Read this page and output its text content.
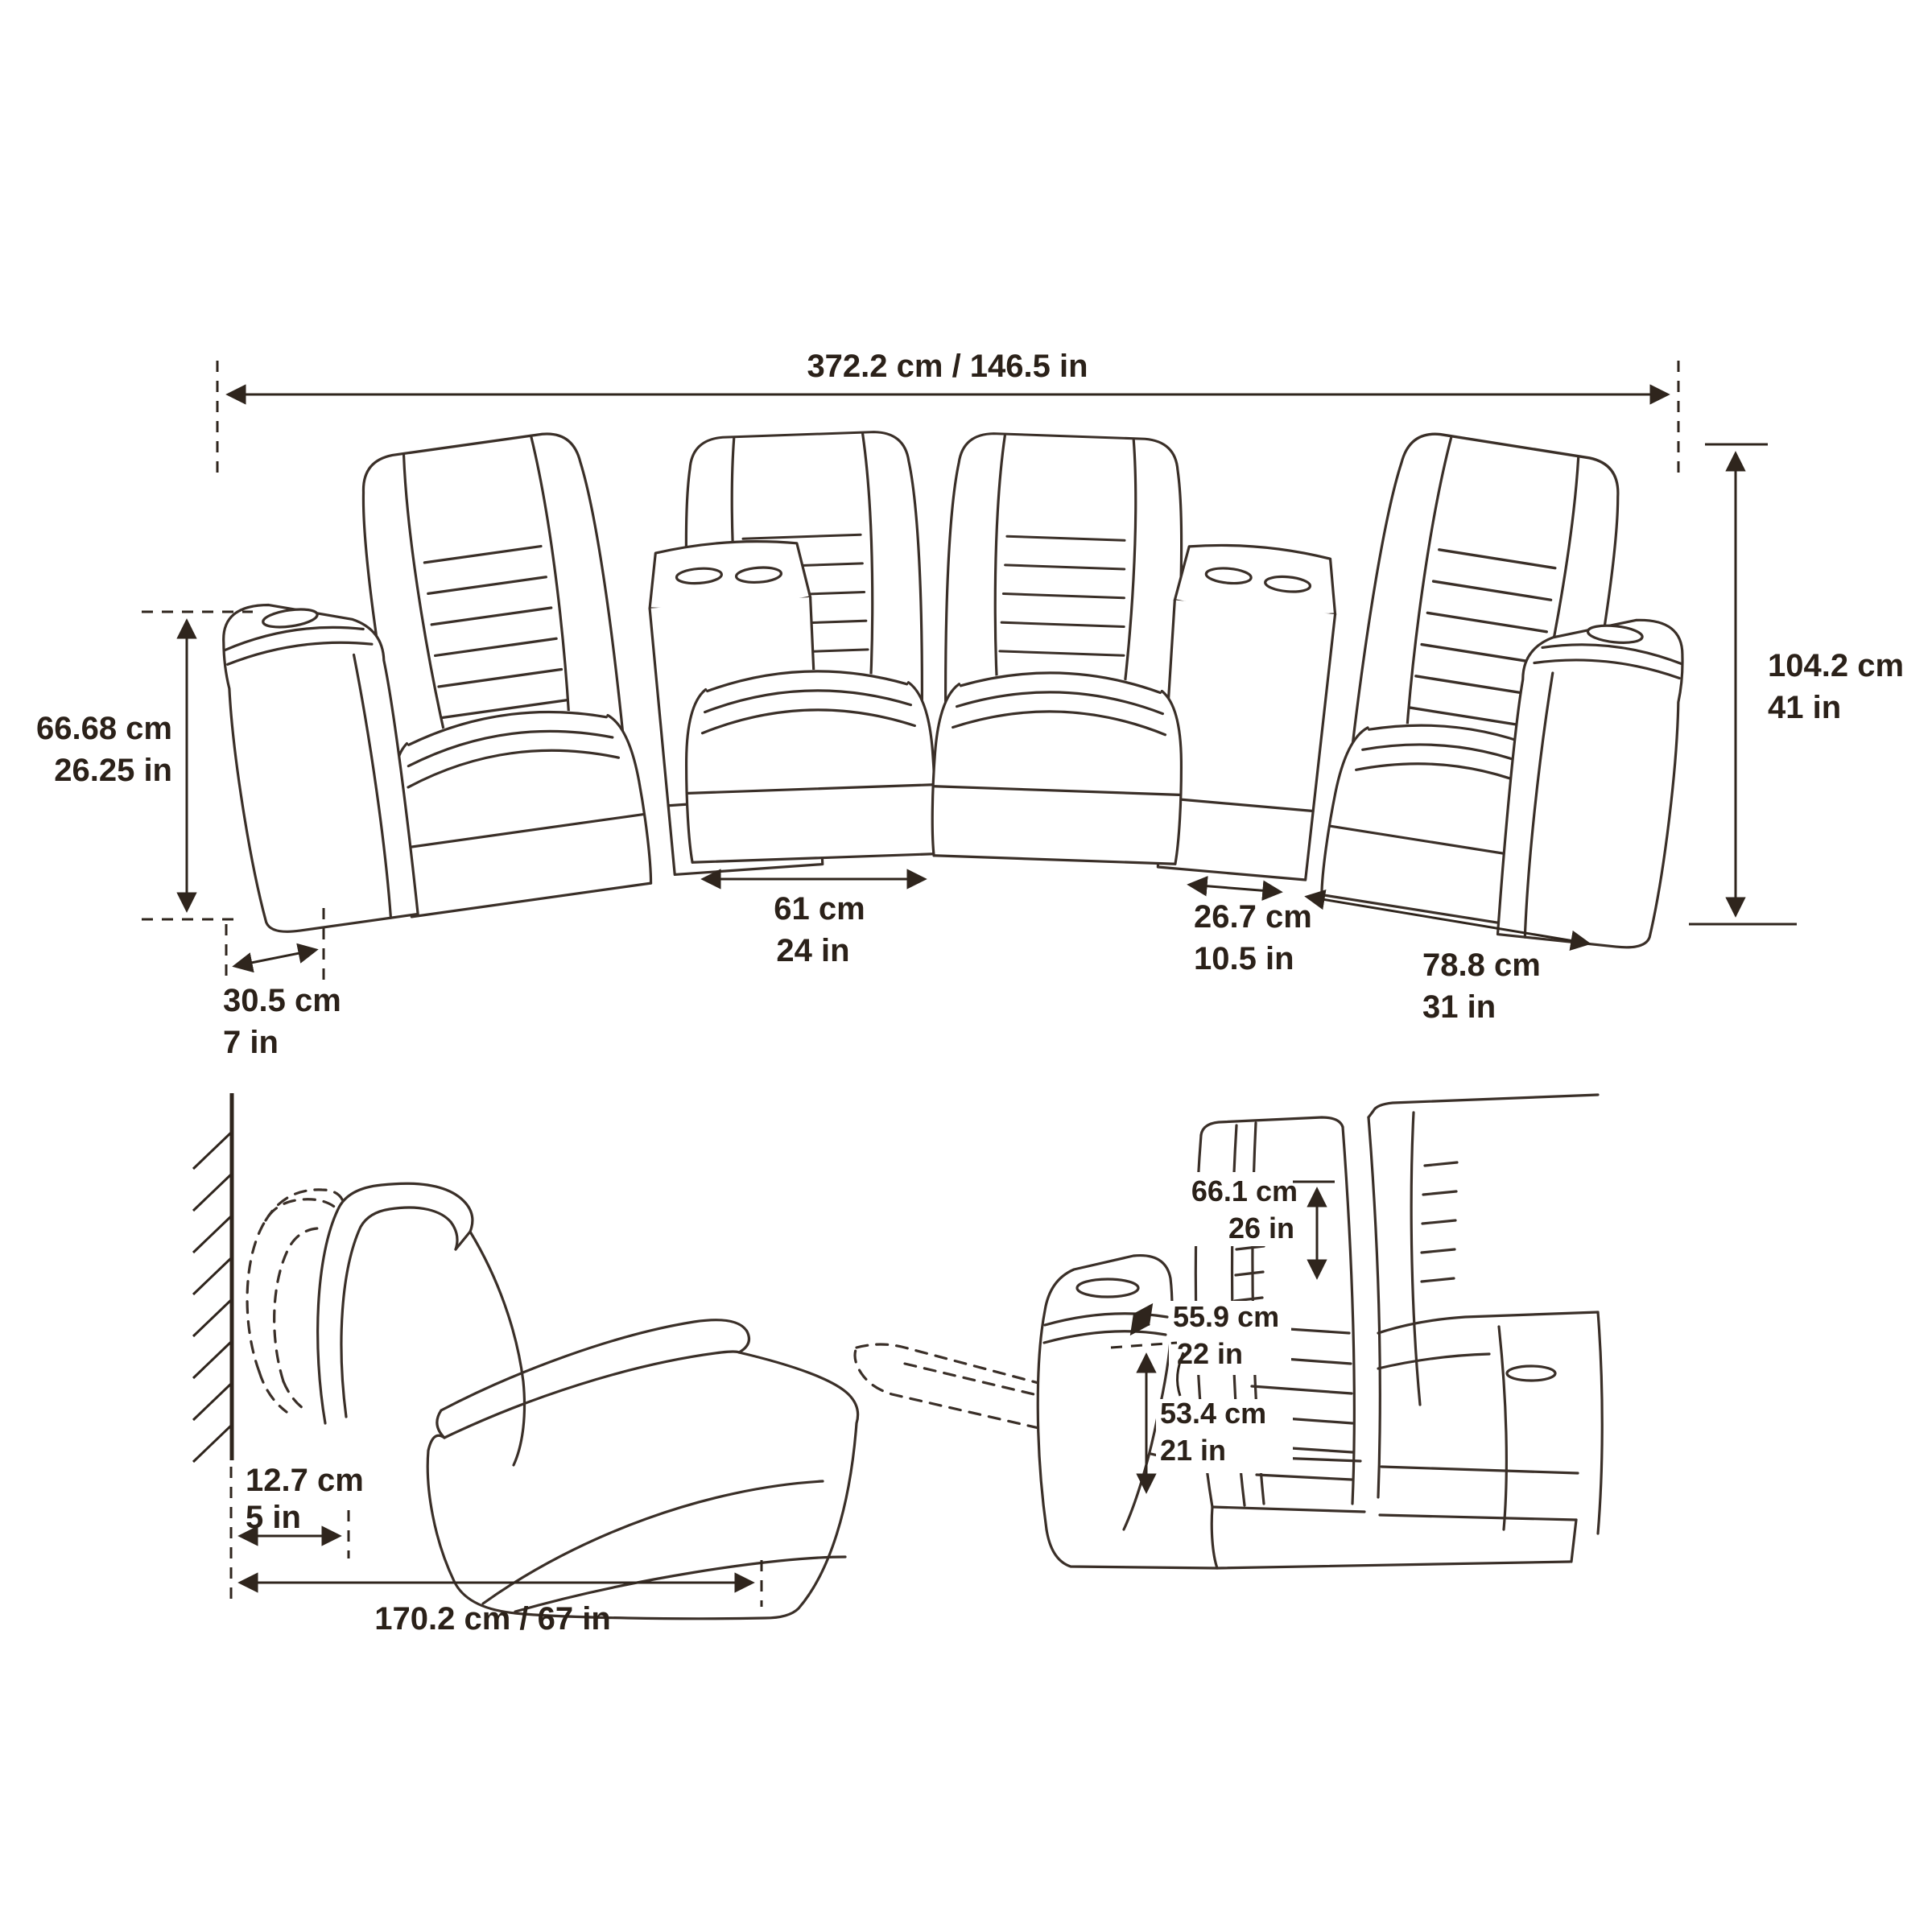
372.2 cm / 146.5 in
104.2 cm
41 in
66.68 cm
26.25 in
30.5 cm
7 in
61 cm
24 in
26.7 cm
10.5 in	78.8 cm
31 in
12.7 cm
5 in
170.2 cm / 67 in
66.1 cm
26 in
55.9 cm
22 in
53.4 cm
21 in
